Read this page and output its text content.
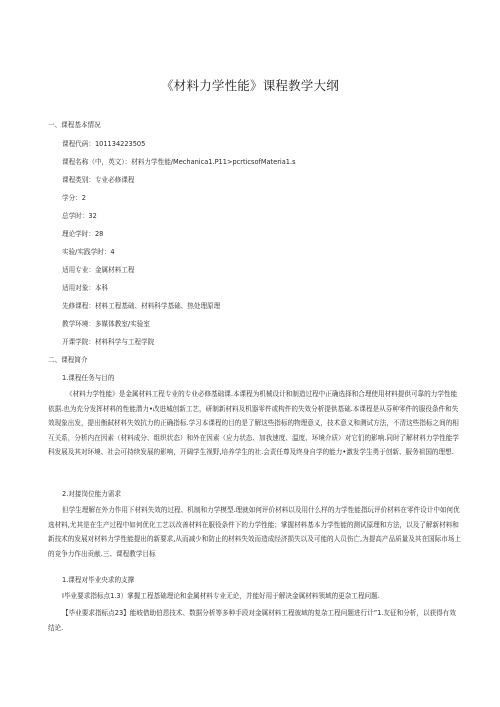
《材料力学性能》课程教学大纲
一、课程基本情况
课程代码：101134223505
课程名称（中，英文）：材料力学性能/Mechanica1.P11>pcrticsofMateria1.s
课程类别：专业必修课程
学分：2
总学时：32
理论学时：28
实验/实践学时：4
适用专业：金属材料工程
适用对象：本科
先修课程：材料工程基础、材料科学基础、热处理原理
教学环境：多媒体教室/实验室
开课学院：材料科学与工程学院
二、课程简介
1.课程任务与目的
《材料力学性能》是金属材料工程专业的专业必修基础课.本课程为机械设计和制造过程中正确选择和合理使用材料提供可靠的力学性能依据.也为充分发挥材料的性能潜力•改进城创新工艺，研制新材料及机器零件或构件的失效分析提供基础.本课程是从芬种零件的服役条件和失效现象出发，提出衡弑材料失效抗力的正确指标.学习本课程的目的是了解这些指标的物理意义，技术意义和测试方法，不清这些指标之间的相互关系，分析内在因素（材料成分、组织状态）和外在因素（应力状态、加我速度、温度、环境介质）对它们的影响.同时了解材料力学性能学科发展及其对环境、社会可持续发展的影响，开阔学生视野,培养学生的社.会责任尊及终身自学的能力•激发学生勇于创新、服务祖国的理想.
2.对接岗位能力需求
但学生理解在外力作用下材料失效的过程、机制和力学模型.理就如何评价材料以及用什么样的力学性能指玩评价材料在零件设计中如何优选材料,尤其是在生产过程中如何优化工艺以改善材料在服役条件下的力学性能；掌握材料基本力学性能的测试原理和方法，以及了解新材料和新技术的发展对材料力学性能提出的新要求,从而减少和防止的材料失效而造成经济损失以及可能的人员伤亡,为提高产品质量及其在国际市场上的竞争力作出贡献.三、课程教学目标
1.课程对毕业央求的支撑
I毕业要求指标点1.3）掌握工程基础理论和金属材料专业无论，并能好用于解决金属材料领域的更杂工程问题.
【毕业要求指标点23】能岐借助伯恩技术、数据分析等多种手段对金属材料工程彼域的复杂工程问题进行计”1.友征和分析，以获得有效结论.
